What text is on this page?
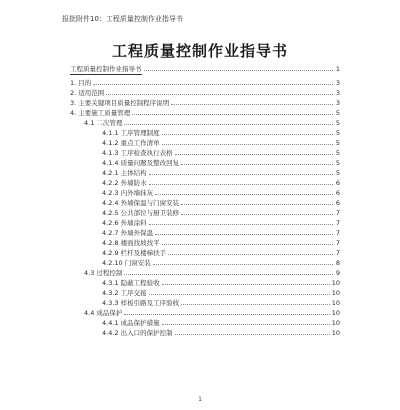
报批附件10：工程质量控制作业指导书
工程质量控制作业指导书
工程质量控制作业指导书	1
1. 目的	3
2. 适用范围	3
3. 主要关键项目质量控制程序说明	3
4. 主要施工质量管理	5
4.1 二次管理	5
4.1.1 工序管理制度	5
4.1.2 重点工作清单	5
4.1.3 工序检查执行表格	5
4.1.4 质量问题及整改回复	5
4.2.1 主体结构	5
4.2.2 外墙防水	6
4.2.3 内外墙抹灰	6
4.2.4 外墙保温与门窗安装	6
4.2.5 公共部位与厨卫装修	7
4.2.6 外墙涂料	7
4.2.7 外墙外保温	7
4.2.8 楼面找坡找平	7
4.2.9 栏杆及楼梯扶手	7
4.2.10 门窗安装	8
4.3 过程控制	9
4.3.1 隐蔽工程验收	10
4.3.2 工序交接	10
4.3.3 样板引路及工序验收	10
4.4 成品保护	10
4.4.1 成品保护措施	10
4.4.2 出入口的保护控制	10
1
